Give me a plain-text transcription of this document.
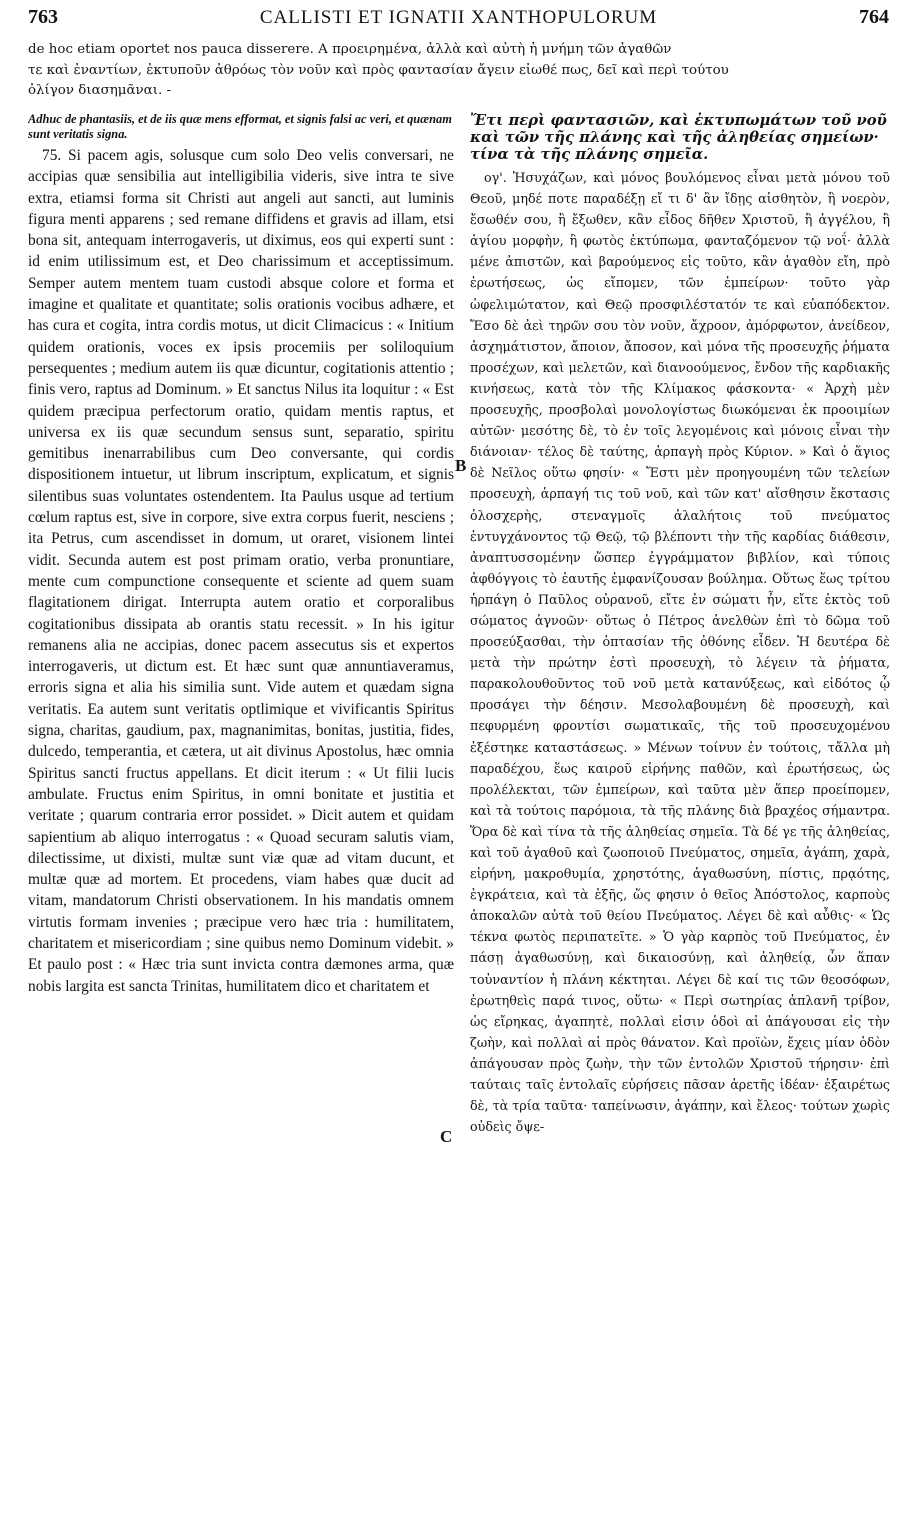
763	CALLISTI ET IGNATII XANTHOPULORUM	764
de hoc etiam oportet nos pauca disserere. A προειρημένα, ἀλλὰ καὶ αὐτὴ ἡ μνήμη τῶν ἀγαθῶν
τε καὶ ἐναντίων, ἐκτυποῦν ἀθρόως τὸν νοῦν καὶ πρὸς φαντασίαν ἄγειν εἰωθέ πως, δεῖ καὶ περὶ τούτου
ὀλίγον διασημᾶναι. -
B
C
Adhuc de phantasiis, et de iis quæ mens efformat, et signis falsi ac veri, et quænam sunt veritatis signa.

75. Si pacem agis, solusque cum solo Deo velis conversari, ne accipias quæ sensibilia aut intelligibilia videris, sive intra te sive extra, etiamsi forma sit Christi aut angeli aut sancti, aut luminis figura menti apparens ; sed remane diffidens et gravis ad illam, etsi bona sit, antequam interrogaveris, ut diximus, eos qui experti sunt : id enim utilissimum est, et Deo charissimum et acceptissimum. Semper autem mentem tuam custodi absque colore et forma et imagine et qualitate et quantitate; solis orationis vocibus adhære, et has cura et cogita, intra cordis motus, ut dicit Climacicus : « Initium quidem orationis, voces ex ipsis procemiis per soliloquium persequentes ; medium autem iis quæ dicuntur, cogitationis attentio ; finis vero, raptus ad Dominum. » Et sanctus Nilus ita loquitur : « Est quidem præcipua perfectorum oratio, quidam mentis raptus, et universa ex iis quæ secundum sensus sunt, separatio, spiritu gemitibus inenarrabilibus cum Deo conversante, qui cordis dispositionem intuetur, ut librum inscriptum, explicatum, et signis silentibus suas voluntates ostendentem. Ita Paulus usque ad tertium cœlum raptus est, sive in corpore, sive extra corpus fuerit, nesciens ; ita Petrus, cum ascendisset in domum, ut oraret, visionem lintei vidit. Secunda autem est post primam oratio, verba pronuntiare, mente cum compunctione consequente et sciente ad quem suam flagitationem dirigat. Interrupta autem oratio et corporalibus cogitationibus dissipata ab orantis statu recessit. » In his igitur remanens alia ne accipias, donec pacem assecutus sis et expertos interrogaveris, ut dictum est. Et hæc sunt quæ annuntiaveramus, erroris signa et alia his similia sunt. Vide autem et quædam signa veritatis. Ea autem sunt veritatis optlimique et vivificantis Spiritus signa, charitas, gaudium, pax, magnanimitas, bonitas, justitia, fides, dulcedo, temperantia, et cætera, ut ait divinus Apostolus, hæc omnia Spiritus sancti fructus appellans. Et dicit iterum : « Ut filii lucis ambulate. Fructus enim Spiritus, in omni bonitate et justitia et veritate ; quarum contraria error possidet. » Dicit autem et quidam sapientium ab aliquo interrogatus : « Quoad securam salutis viam, dilectissime, ut dixisti, multæ sunt viæ quæ ad vitam ducunt, et multæ quæ ad mortem. Et procedens, viam habes quæ ducit ad vitam, mandatorum Christi observationem. In his mandatis omnem virtutis formam invenies ; præcipue vero hæc tria : humilitatem, charitatem et misericordiam ; sine quibus nemo Dominum videbit. » Et paulo post : « Hæc tria sunt invicta contra dæmones arma, quæ nobis largita est sancta Trinitas, humilitatem dico et charitatem et

Ἔτι περὶ φαντασιῶν, καὶ ἐκτυπωμάτων τοῦ νοῦ καὶ τῶν τῆς πλάνης καὶ τῆς ἀληθείας σημείων· τίνα τὰ τῆς πλάνης σημεῖα.

ογ'. Ἡσυχάζων, καὶ μόνος βουλόμενος εἶναι μετὰ μόνου τοῦ Θεοῦ, μηδέ ποτε παραδέξῃ εἴ τι δ' ἂν ἴδῃς αἰσθητὸν, ἢ νοερὸν, ἔσωθέν σου, ἢ ἔξωθεν, κἂν εἶδος δῆθεν Χριστοῦ, ἢ ἀγγέλου, ἢ ἁγίου μορφὴν, ἢ φωτὸς ἐκτύπωμα, φανταζόμενον τῷ νοΐ· ἀλλὰ μένε ἀπιστῶν, καὶ βαρούμενος εἰς τοῦτο, κἂν ἀγαθὸν εἴη, πρὸ ἐρωτήσεως, ὡς εἴπομεν, τῶν ἐμπείρων· τοῦτο γὰρ ὠφελιμώτατον, καὶ Θεῷ προσφιλέστατόν τε καὶ εὐαπόδεκτον. Ἔσο δὲ ἀεὶ τηρῶν σου τὸν νοῦν, ἄχροον, ἀμόρφωτον, ἀνείδεον, ἀσχημάτιστον, ἄποιον, ἄποσον, καὶ μόνα τῆς προσευχῆς ῥήματα προσέχων, καὶ μελετῶν, καὶ διανοούμενος, ἔνδον τῆς καρδιακῆς κινήσεως, κατὰ τὸν τῆς Κλίμακος φάσκοντα· « Ἀρχὴ μὲν προσευχῆς, προσβολαὶ μονολογίστως διωκόμεναι ἐκ προοιμίων αὐτῶν· μεσότης δὲ, τὸ ἐν τοῖς λεγομένοις καὶ μόνοις εἶναι τὴν διάνοιαν· τέλος δὲ ταύτης, ἁρπαγὴ πρὸς Κύριον. » Καὶ ὁ ἅγιος δὲ Νεῖλος οὕτω φησίν· « Ἔστι μὲν προηγουμένη τῶν τελείων προσευχὴ, ἁρπαγή τις τοῦ νοῦ, καὶ τῶν κατ' αἴσθησιν ἔκστασις ὁλοσχερὴς, στεναγμοῖς ἀλαλήτοις τοῦ πνεύματος ἐντυγχάνοντος τῷ Θεῷ, τῷ βλέποντι τὴν τῆς καρδίας διάθεσιν, ἀναπτυσσομένην ὥσπερ ἐγγράμματον βιβλίον, καὶ τύποις ἀφθόγγοις τὸ ἑαυτῆς ἐμφανίζουσαν βούλημα. Οὕτως ἕως τρίτου ἡρπάγη ὁ Παῦλος οὐρανοῦ, εἴτε ἐν σώματι ἦν, εἴτε ἐκτὸς τοῦ σώματος ἀγνοῶν· οὕτως ὁ Πέτρος ἀνελθὼν ἐπὶ τὸ δῶμα τοῦ προσεύξασθαι, τὴν ὀπτασίαν τῆς ὀθόνης εἶδεν. Ἡ δευτέρα δὲ μετὰ τὴν πρώτην ἐστὶ προσευχὴ, τὸ λέγειν τὰ ῥήματα, παρακολουθοῦντος τοῦ νοῦ μετὰ κατανύξεως, καὶ εἰδότος ᾧ προσάγει τὴν δέησιν. Μεσολαβουμένη δὲ προσευχὴ, καὶ πεφυρμένη φροντίσι σωματικαῖς, τῆς τοῦ προσευχομένου ἐξέστηκε καταστάσεως. » Μένων τοίνυν ἐν τούτοις, τἄλλα μὴ παραδέχου, ἕως καιροῦ εἰρήνης παθῶν, καὶ ἐρωτήσεως, ὡς προλέλεκται, τῶν ἐμπείρων, καὶ ταῦτα μὲν ἅπερ προείπομεν, καὶ τὰ τούτοις παρόμοια, τὰ τῆς πλάνης διὰ βραχέος σήμαντρα. Ὅρα δὲ καὶ τίνα τὰ τῆς ἀληθείας σημεῖα. Τὰ δέ γε τῆς ἀληθείας, καὶ τοῦ ἀγαθοῦ καὶ ζωοποιοῦ Πνεύματος, σημεῖα, ἀγάπη, χαρὰ, εἰρήνη, μακροθυμία, χρηστότης, ἀγαθωσύνη, πίστις, πρᾳότης, ἐγκράτεια, καὶ τὰ ἑξῆς, ὥς φησιν ὁ θεῖος Ἀπόστολος, καρποὺς ἀποκαλῶν αὐτὰ τοῦ θείου Πνεύματος. Λέγει δὲ καὶ αὖθις· « Ὡς τέκνα φωτὸς περιπατεῖτε. » Ὁ γὰρ καρπὸς τοῦ Πνεύματος, ἐν πάσῃ ἀγαθωσύνῃ, καὶ δικαιοσύνῃ, καὶ ἀληθείᾳ, ὧν ἅπαν τοὐναντίον ἡ πλάνη κέκτηται. Λέγει δὲ καί τις τῶν θεοσόφων, ἐρωτηθεὶς παρά τινος, οὕτω· « Περὶ σωτηρίας ἀπλανῆ τρίβον, ὡς εἴρηκας, ἀγαπητὲ, πολλαὶ εἰσιν ὁδοὶ αἱ ἀπάγουσαι εἰς τὴν ζωὴν, καὶ πολλαὶ αἱ πρὸς θάνατον. Καὶ προϊὼν, ἔχεις μίαν ὁδὸν ἀπάγουσαν πρὸς ζωὴν, τὴν τῶν ἐντολῶν Χριστοῦ τήρησιν· ἐπὶ ταύταις ταῖς ἐντολαῖς εὑρήσεις πᾶσαν ἀρετῆς ἰδέαν· ἐξαιρέτως δὲ, τὰ τρία ταῦτα· ταπείνωσιν, ἀγάπην, καὶ ἔλεος· τούτων χωρὶς οὐδεὶς ὄψε-
